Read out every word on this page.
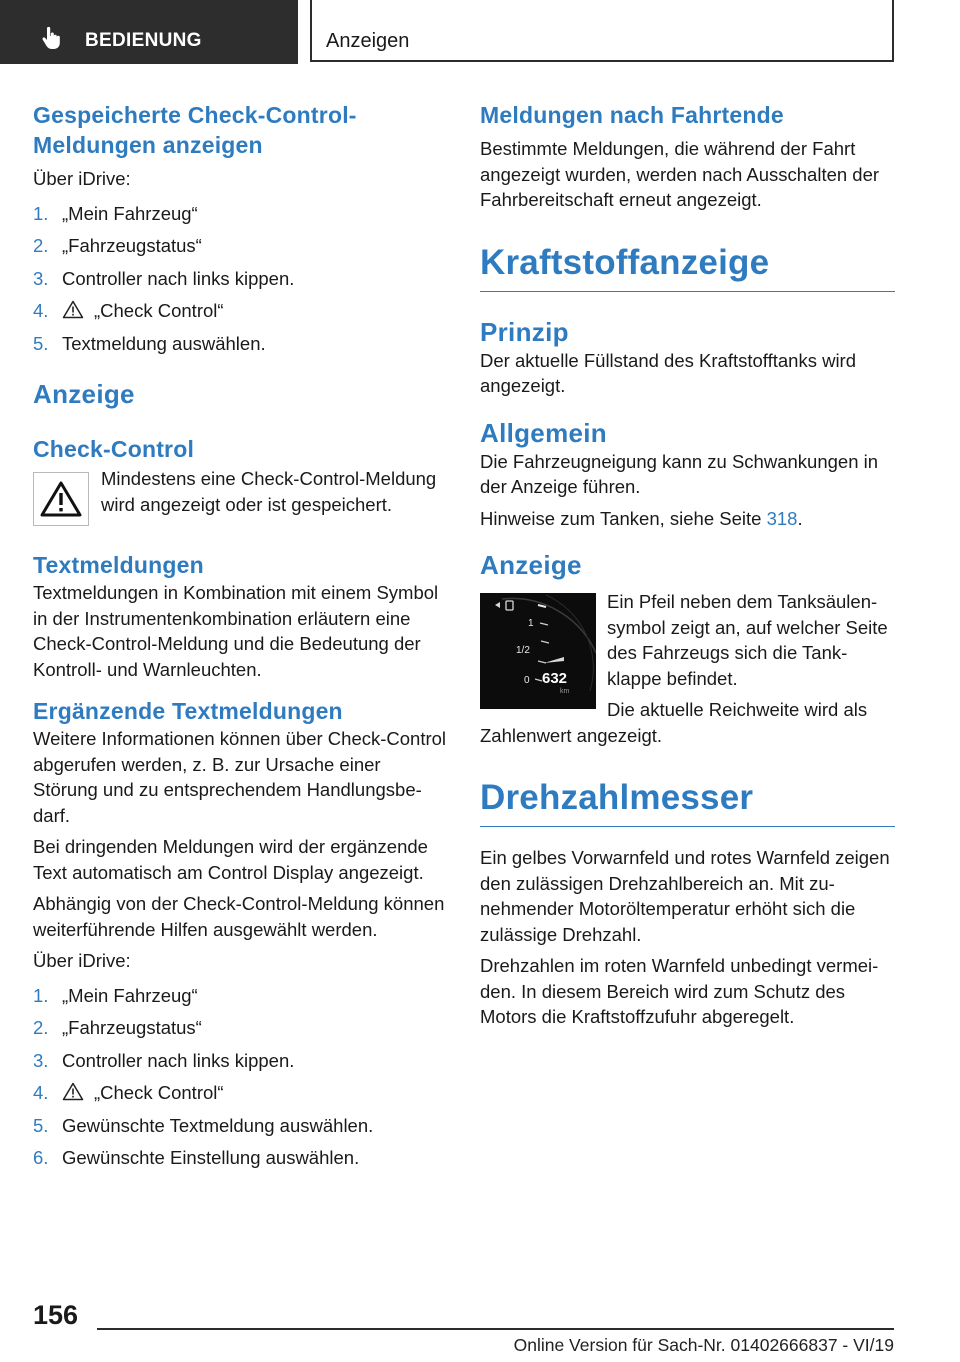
BEDIENUNG	Anzeigen
Gespeicherte Check-Control-Meldungen anzeigen

Über iDrive:

1. „Mein Fahrzeug“
2. „Fahrzeugstatus“
3. Controller nach links kippen.
4. „Check Control“
5. Textmeldung auswählen.
Anzeige
Check-Control

Mindestens eine Check-Control-Meldung wird angezeigt oder ist gespeichert.

Textmeldungen

Textmeldungen in Kombination mit einem Symbol in der Instrumentenkombination erläutern eine Check-Control-Meldung und die Bedeutung der Kontroll- und Warnleuchten.

Ergänzende Textmeldungen

Weitere Informationen können über Check-Control abgerufen werden, z. B. zur Ursache einer Störung und zu entsprechendem Handlungsbedarf.

Bei dringenden Meldungen wird der ergänzende Text automatisch am Control Display angezeigt.

Abhängig von der Check-Control-Meldung können weiterführende Hilfen ausgewählt werden.

Über iDrive:

1. „Mein Fahrzeug“
2. „Fahrzeugstatus“
3. Controller nach links kippen.
4. „Check Control“
5. Gewünschte Textmeldung auswählen.
6. Gewünschte Einstellung auswählen.
Meldungen nach Fahrtende

Bestimmte Meldungen, die während der Fahrt angezeigt wurden, werden nach Ausschalten der Fahrbereitschaft erneut angezeigt.

Kraftstoffanzeige
Prinzip

Der aktuelle Füllstand des Kraftstofftanks wird angezeigt.

Allgemein

Die Fahrzeugneigung kann zu Schwankungen in der Anzeige führen.

Hinweise zum Tanken, siehe Seite 318.

Anzeige
1
1/2
0 632
km

Ein Pfeil neben dem Tanksäulensymbol zeigt an, auf welcher Seite des Fahrzeugs sich die Tankklappe befindet.

Die aktuelle Reichweite wird als Zahlenwert angezeigt.

Drehzahlmesser

Ein gelbes Vorwarnfeld und rotes Warnfeld zeigen den zulässigen Drehzahlbereich an. Mit zunehmender Motoröltemperatur erhöht sich die zulässige Drehzahl.

Drehzahlen im roten Warnfeld unbedingt vermeiden. In diesem Bereich wird zum Schutz des Motors die Kraftstoffzufuhr abgeregelt.

156
Online Version für Sach-Nr. 01402666837 - VI/19
